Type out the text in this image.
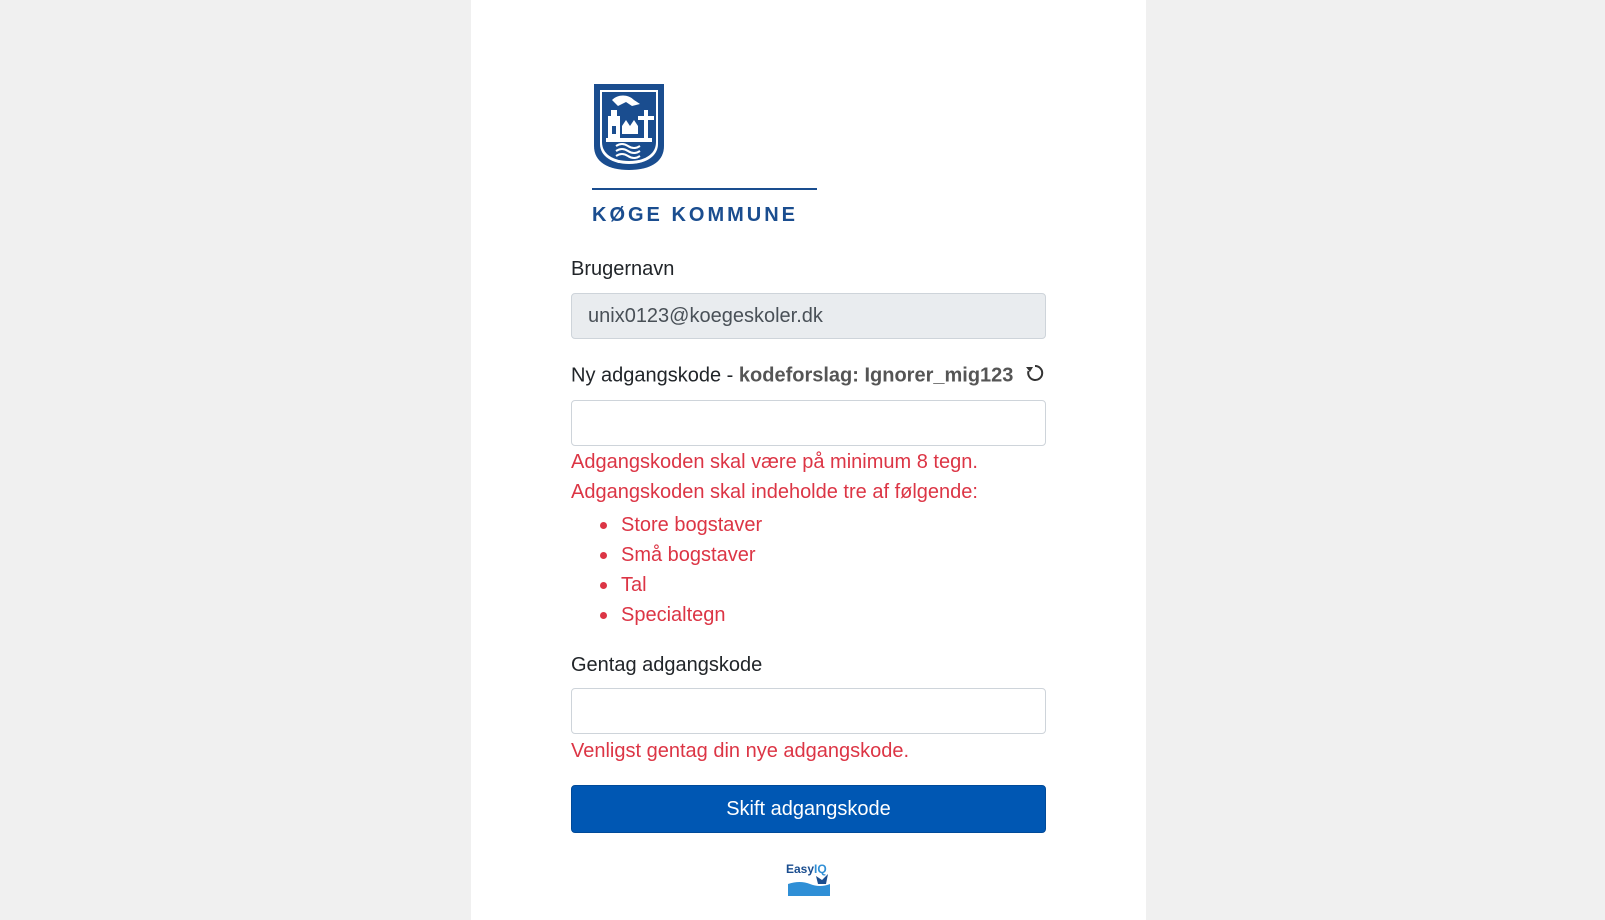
KØGE KOMMUNE
Brugernavn
unix0123@koegeskoler.dk
Ny adgangskode - kodeforslag: Ignorer_mig123
Adgangskoden skal være på minimum 8 tegn.
Adgangskoden skal indeholde tre af følgende:
Store bogstaver
Små bogstaver
Tal
Specialtegn
Gentag adgangskode
Venligst gentag din nye adgangskode.
Skift adgangskode
EasyIQ
